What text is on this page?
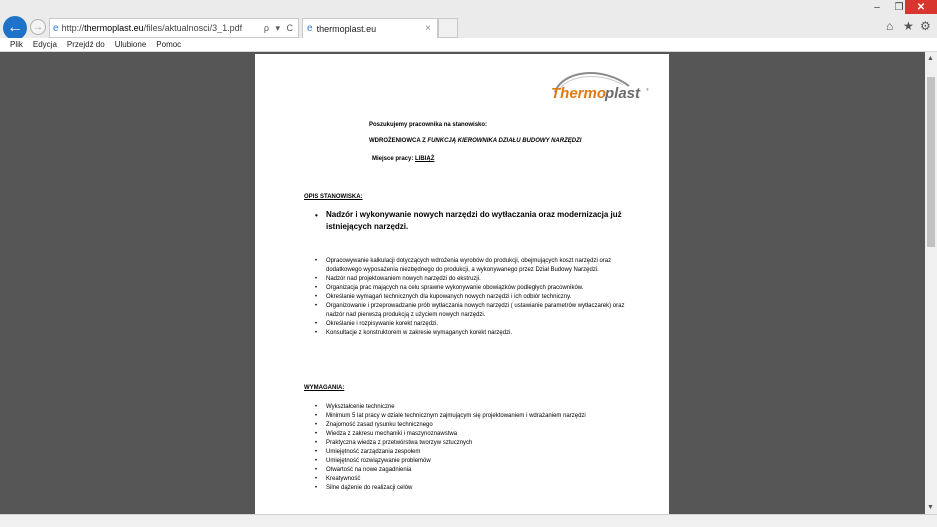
–	❐	✕
← → e http://thermoplast.eu/files/aktualnosci/3_1.pdf	ρ ▾ C e thermoplast.eu	×	⌂ ★ ⚙
Plik Edycja Przejdź do Ulubione Pomoc
▲
▼
Thermo
plast ®
Poszukujemy pracownika na stanowisko:
WDROŻENIOWCA Z FUNKCJĄ KIEROWNIKA DZIAŁU BUDOWY NARZĘDZI
Miejsce pracy: LIBIĄŻ
OPIS STANOWISKA:
• Nadzór i wykonywanie nowych narzędzi do wytłaczania oraz modernizacja już istniejących narzędzi.
• Opracowywanie kalkulacji dotyczących wdrożenia wyrobów do produkcji, obejmujących koszt narzędzi oraz dodatkowego wyposażenia niezbędnego do produkcji, a wykonywanego przez Dział Budowy Narzędzi.
• Nadzór nad projektowaniem nowych narzędzi do ekstruzji.
• Organizacja prac mających na celu sprawne wykonywanie obowiązków podległych pracowników.
• Określanie wymagań technicznych dla kupowanych nowych narzędzi i ich odbiór techniczny.
• Organizowanie i przeprowadzanie prób wytłaczania nowych narzędzi ( ustawianie parametrów wytłaczarek) oraz nadzór nad pierwszą produkcją z użyciem nowych narzędzi.
• Określanie i rozpisywanie korekt narzędzi.
• Konsultacje z konstruktorem w zakresie wymaganych korekt narzędzi.
WYMAGANIA:
• Wykształcenie techniczne
• Minimum 5 lat pracy w dziale technicznym zajmującym się projektowaniem i wdrażaniem narzędzi
• Znajomość zasad rysunku technicznego
• Wiedza z zakresu mechaniki i maszynoznawstwa
• Praktyczna wiedza z przetwórstwa tworzyw sztucznych
• Umiejętność zarządzania zespołem
• Umiejętność rozwiązywanie problemów
• Otwartość na nowe zagadnienia
• Kreatywność
• Silne dążenie do realizacji celów
